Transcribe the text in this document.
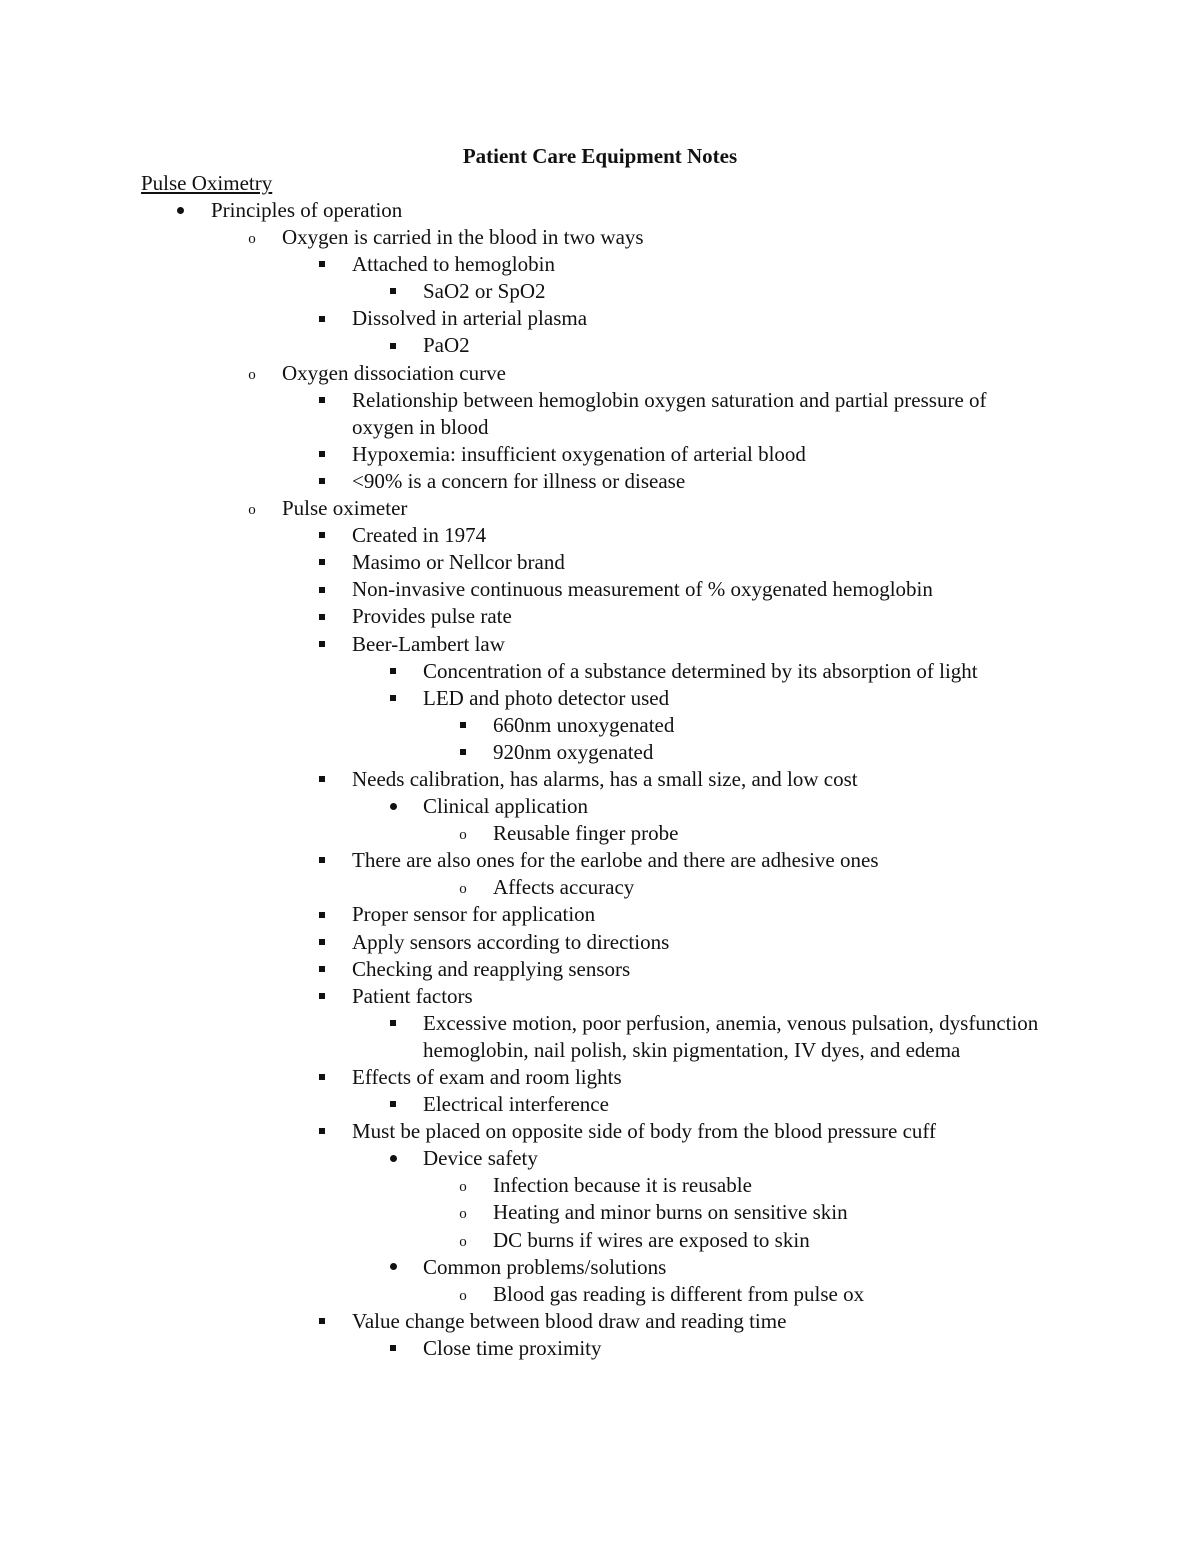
Patient Care Equipment Notes
Pulse Oximetry
Principles of operation
o Oxygen is carried in the blood in two ways
Attached to hemoglobin
SaO2 or SpO2
Dissolved in arterial plasma
PaO2
o Oxygen dissociation curve
Relationship between hemoglobin oxygen saturation and partial pressure of oxygen in blood
Hypoxemia: insufficient oxygenation of arterial blood
<90% is a concern for illness or disease
o Pulse oximeter
Created in 1974
Masimo or Nellcor brand
Non-invasive continuous measurement of % oxygenated hemoglobin
Provides pulse rate
Beer-Lambert law
Concentration of a substance determined by its absorption of light
LED and photo detector used
660nm unoxygenated
920nm oxygenated
Needs calibration, has alarms, has a small size, and low cost
Clinical application
o Reusable finger probe
There are also ones for the earlobe and there are adhesive ones
o Affects accuracy
Proper sensor for application
Apply sensors according to directions
Checking and reapplying sensors
Patient factors
Excessive motion, poor perfusion, anemia, venous pulsation, dysfunction hemoglobin, nail polish, skin pigmentation, IV dyes, and edema
Effects of exam and room lights
Electrical interference
Must be placed on opposite side of body from the blood pressure cuff
Device safety
o Infection because it is reusable
o Heating and minor burns on sensitive skin
o DC burns if wires are exposed to skin
Common problems/solutions
o Blood gas reading is different from pulse ox
Value change between blood draw and reading time
Close time proximity
